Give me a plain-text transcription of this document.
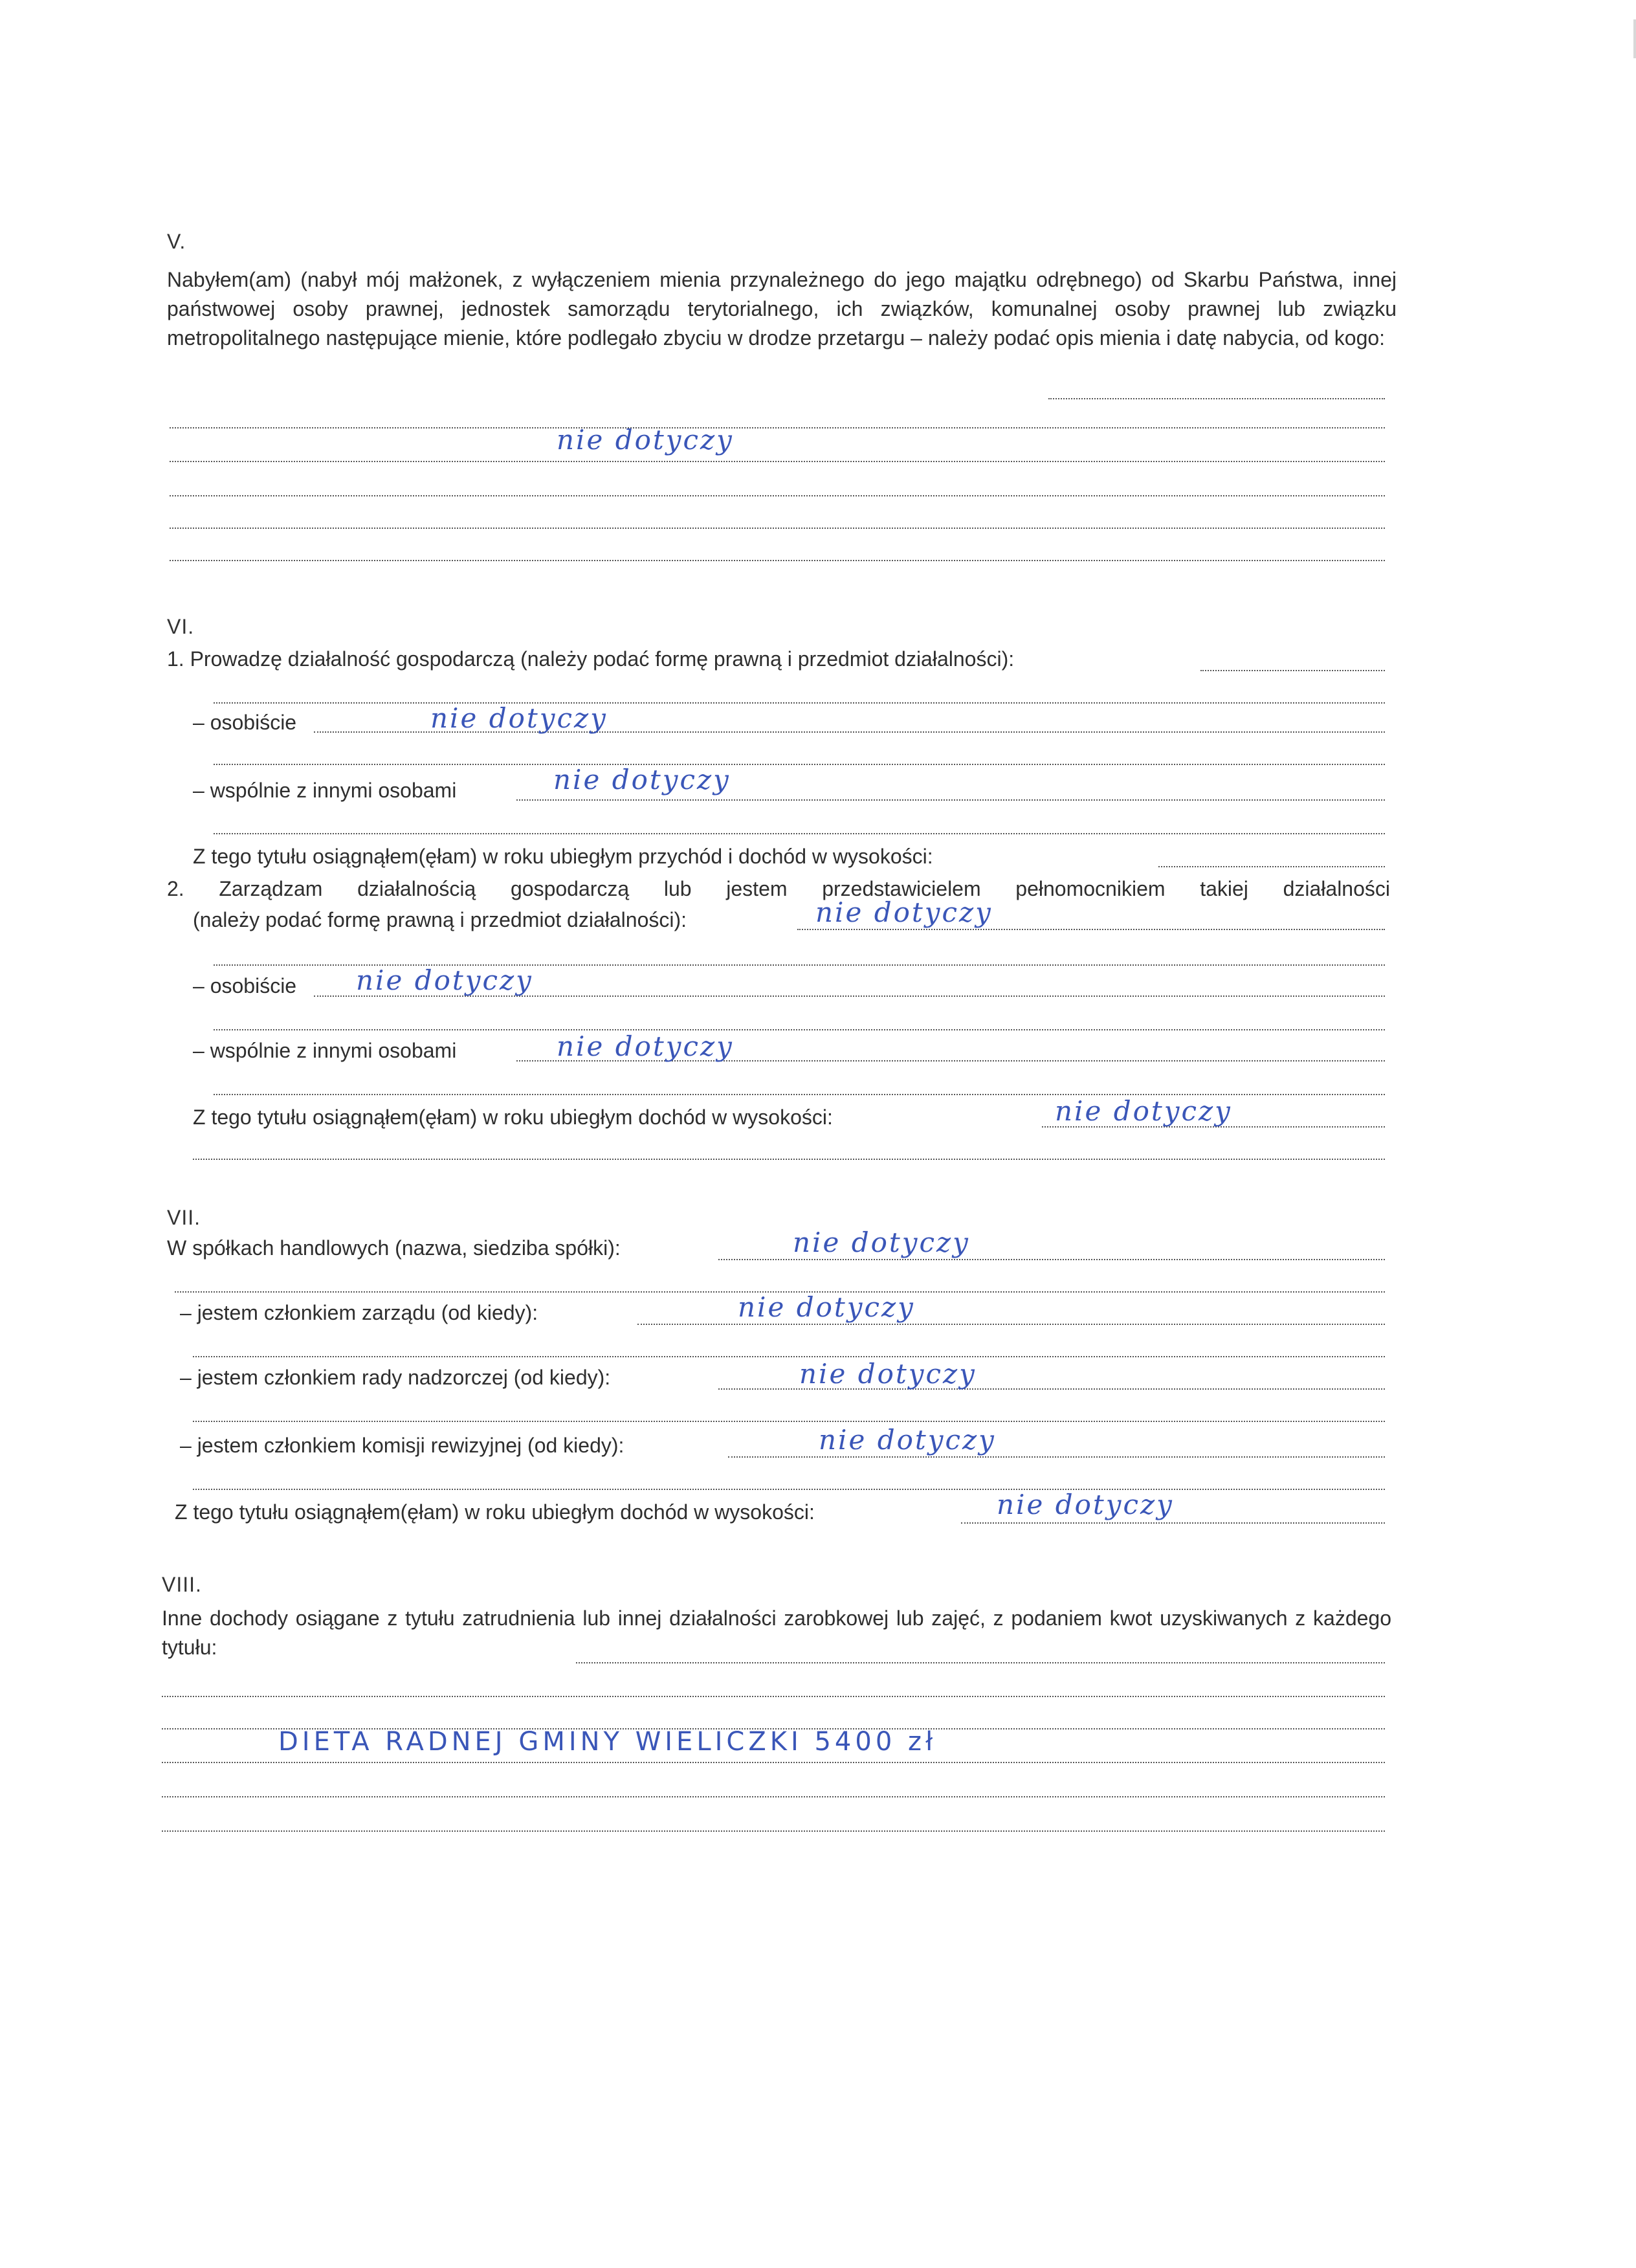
V.
Nabyłem(am) (nabył mój małżonek, z wyłączeniem mienia przynależnego do jego majątku odrębnego) od Skarbu Państwa, innej państwowej osoby prawnej, jednostek samorządu terytorialnego, ich związków, komunalnej osoby prawnej lub związku metropolitalnego następujące mienie, które podlegało zbyciu w drodze przetargu – należy podać opis mienia i datę nabycia, od kogo:
nie dotyczy
VI.
1. Prowadzę działalność gospodarczą (należy podać formę prawną i przedmiot działalności):
– osobiście	nie dotyczy
– wspólnie z innymi osobami	nie dotyczy
Z tego tytułu osiągnąłem(ęłam) w roku ubiegłym przychód i dochód w wysokości:
2. Zarządzam działalnością gospodarczą lub jestem przedstawicielem pełnomocnikiem takiej działalności
(należy podać formę prawną i przedmiot działalności):	nie dotyczy
– osobiście nie dotyczy
– wspólnie z innymi osobami	nie dotyczy
Z tego tytułu osiągnąłem(ęłam) w roku ubiegłym dochód w wysokości:	nie dotyczy
VII.
W spółkach handlowych (nazwa, siedziba spółki):	nie dotyczy
– jestem członkiem zarządu (od kiedy):	nie dotyczy
– jestem członkiem rady nadzorczej (od kiedy):	nie dotyczy
– jestem członkiem komisji rewizyjnej (od kiedy):	nie dotyczy
Z tego tytułu osiągnąłem(ęłam) w roku ubiegłym dochód w wysokości:	nie dotyczy
VIII.
Inne dochody osiągane z tytułu zatrudnienia lub innej działalności zarobkowej lub zajęć, z podaniem kwot uzyskiwanych z każdego tytułu:
DIETA RADNEJ GMINY WIELICZKI 5400 zł
